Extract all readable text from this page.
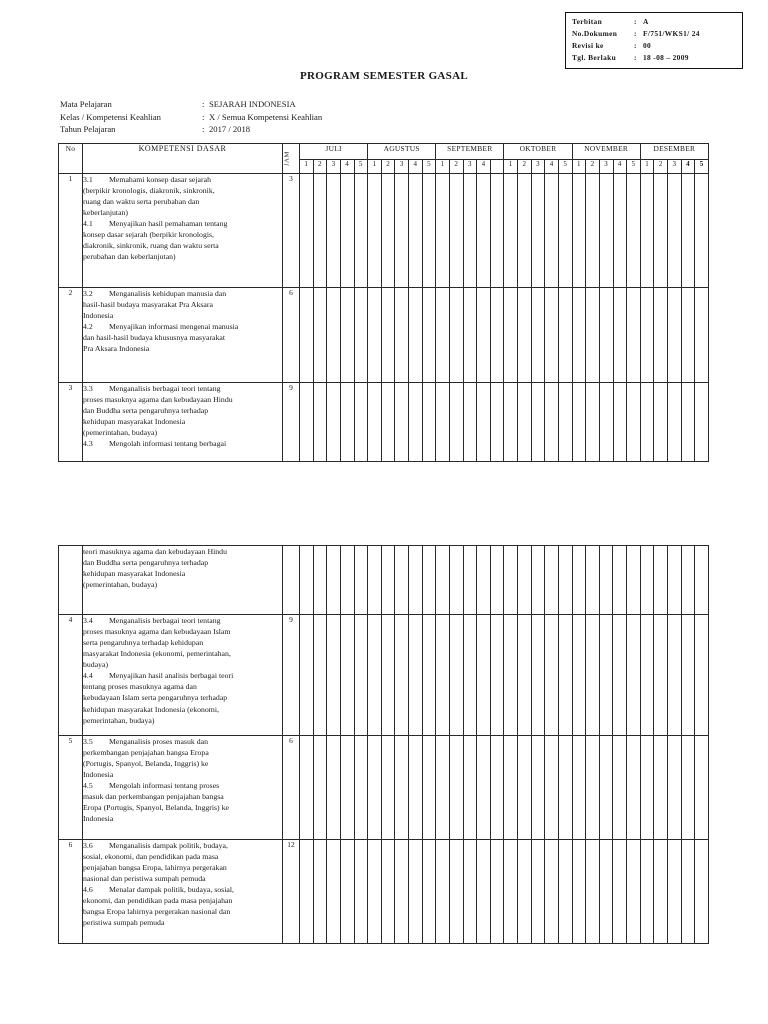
Terbitan	: A
No.Dokumen	: F/751/WKS1/ 24
Revisi ke	: 00
Tgl. Berlaku	: 18 -08 – 2009
PROGRAM SEMESTER GASAL
Mata Pelajaran	: SEJARAH INDONESIA
Kelas / Kompetensi Keahlian	: X / Semua Kompetensi Keahlian
Tahun Pelajaran	: 2017 / 2018
No	KOMPETENSI DASAR	JAM	JULI					AGUSTUS					SEPTEMBER					OKTOBER					NOVEMBER					DESEMBER				
			1	2	3	4	5	1	2	3	4	5	1	2	3	4		1	2	3	4	5	1	2	3	4	5	1	2	3	4	5
1	3.1 Memahami konsep dasar sejarah
(berpikir kronologis, diakronik, sinkronik,
ruang dan waktu serta perubahan dan
keberlanjutan)
4.1 Menyajikan hasil pemahaman tentang
konsep dasar sejarah (berpikir kronologis,
diakronik, sinkronik, ruang dan waktu serta
perubahan dan keberlanjutan)
	3																														
2	3.2 Menganalisis kehidupan manusia dan
hasil-hasil budaya masyarakat Pra Aksara
Indonesia
4.2 Menyajikan informasi mengenai manusia
dan hasil-hasil budaya khususnya masyarakat
Pra Aksara Indonesia
	6																														
3	3.3 Menganalisis berbagai teori tentang
proses masuknya agama dan kebudayaan Hindu
dan Buddha serta pengaruhnya terhadap
kehidupan masyarakat Indonesia
(pemerintahan, budaya)
4.3 Mengolah informasi tentang berbagai
	9																														

	teori masuknya agama dan kebudayaan Hindu
dan Buddha serta pengaruhnya terhadap
kehidupan masyarakat Indonesia
(pemerintahan, budaya)																															

4	3.4 Menganalisis berbagai teori tentang
proses masuknya agama dan kebudayaan Islam
serta pengaruhnya terhadap kehidupan
masyarakat Indonesia (ekonomi, pemerintahan,
budaya)
4.4 Menyajikan hasil analisis berbagai teori
tentang proses masuknya agama dan
kebudayaan Islam serta pengaruhnya terhadap
kehidupan masyarakat Indonesia (ekonomi,
pemerintahan, budaya)
	9																														
5	3.5 Menganalisis proses masuk dan
perkembangan penjajahan bangsa Eropa
(Portugis, Spanyol, Belanda, Inggris) ke
Indonesia
4.5 Mengolah informasi tentang proses
masuk dan perkembangan penjajahan bangsa
Eropa (Portugis, Spanyol, Belanda, Inggris) ke
Indonesia
	6																														
6	3.6 Menganalisis dampak politik, budaya,
sosial, ekonomi, dan pendidikan pada masa
penjajahan bangsa Eropa, lahirnya pergerakan
nasional dan peristiwa sumpah pemuda
4.6 Menalar dampak politik, budaya, sosial,
ekonomi, dan pendidikan pada masa penjajahan
bangsa Eropa lahirnya pergerakan nasional dan
peristiwa sumpah pemuda
	12																														
